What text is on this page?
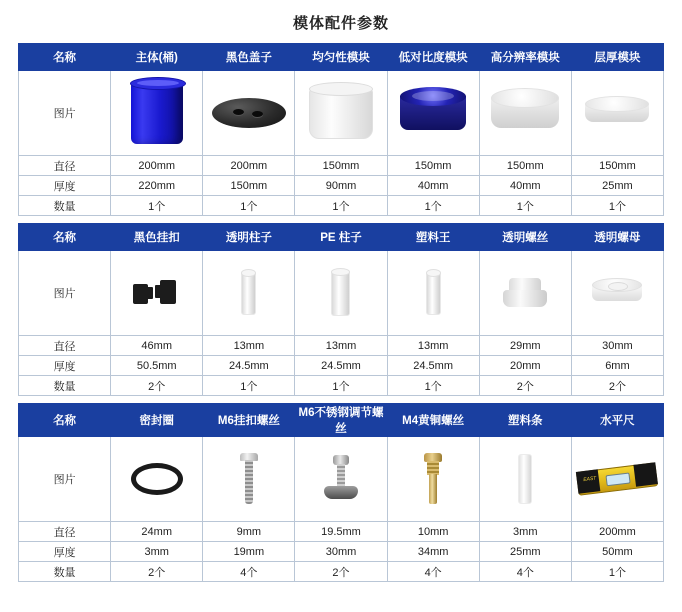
模体配件参数
名称	主体(桶)	黑色盖子	均匀性模块	低对比度模块	高分辨率模块	层厚模块
图片	

直径	200mm	200mm	150mm	150mm	150mm	150mm
厚度	220mm	150mm	90mm	40mm	40mm	25mm
数量	1个	1个	1个	1个	1个	1个
名称	黑色挂扣	透明柱子	PE 柱子	塑料王	透明螺丝	透明螺母
图片	

直径	46mm	13mm	13mm	13mm	29mm	30mm
厚度	50.5mm	24.5mm	24.5mm	24.5mm	20mm	6mm
数量	2个	1个	1个	1个	2个	2个
名称	密封圈	M6挂扣螺丝	M6不锈钢调节螺丝	M4黄铜螺丝	塑料条	水平尺
图片						EAST

直径	24mm	9mm	19.5mm	10mm	3mm	200mm
厚度	3mm	19mm	30mm	34mm	25mm	50mm
数量	2个	4个	2个	4个	4个	1个
